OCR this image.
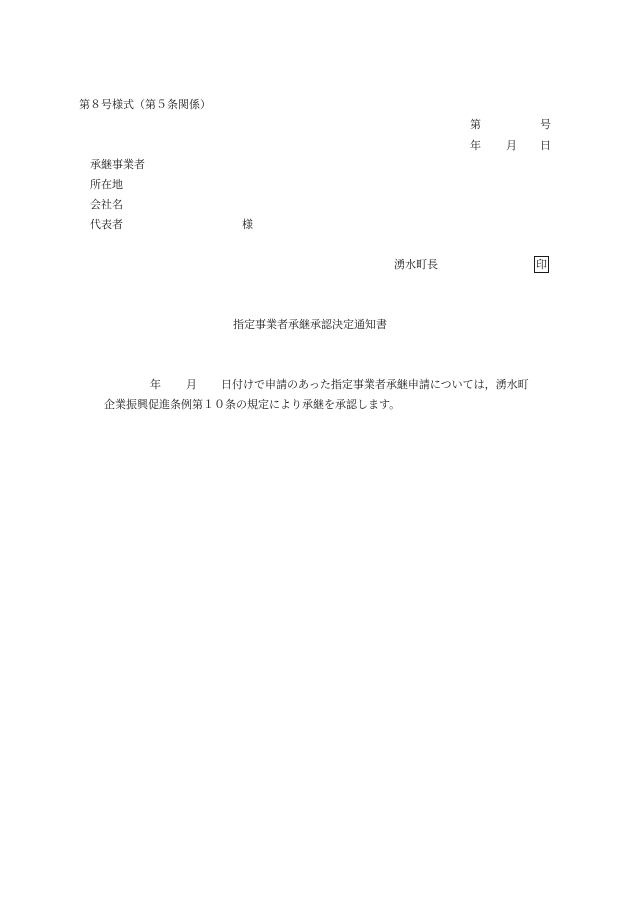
第８号様式（第５条関係）
第	号
年 月 日
承継事業者
所在地
会社名
代表者	様
湧水町長	印
指定事業者承継承認決定通知書
年 月 日付けで申請のあった指定事業者承継申請については，湧水町
企業振興促進条例第１０条の規定により承継を承認します。
